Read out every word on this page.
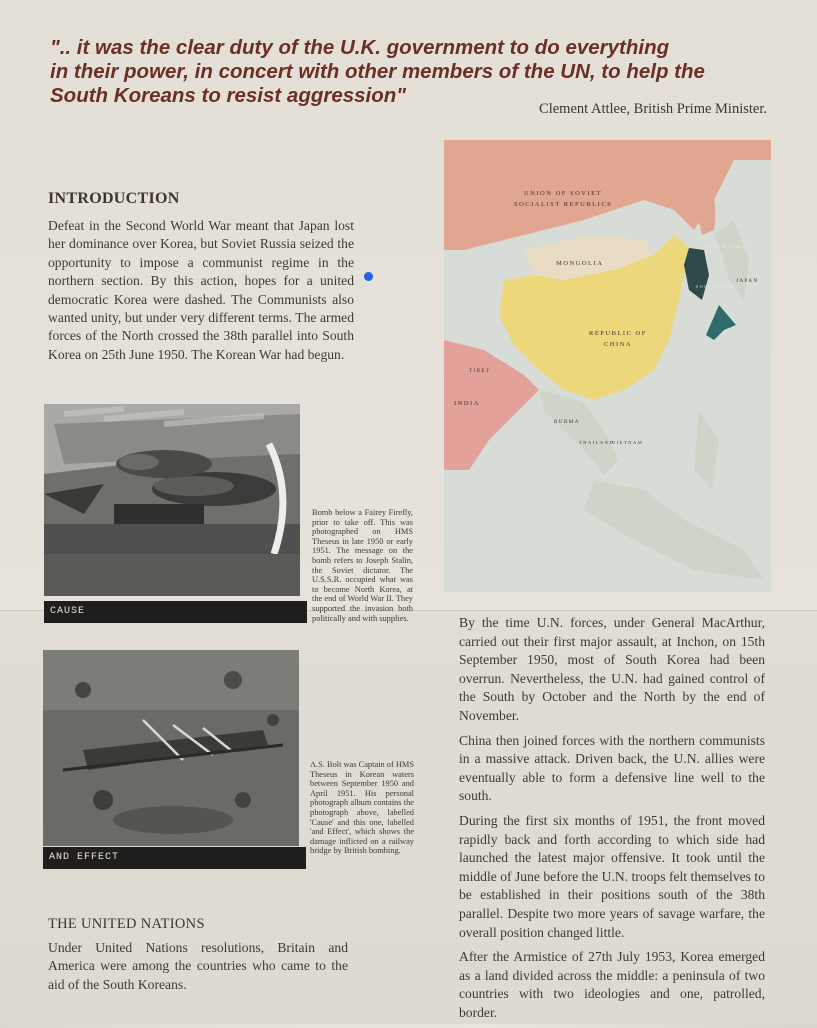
".. it was the clear duty of the U.K. government to do everything
in their power, in concert with other members of the UN, to help the
South Koreans to resist aggression"
Clement Attlee, British Prime Minister.
INTRODUCTION
Defeat in the Second World War meant that Japan lost her dominance over Korea, but Soviet Russia seized the opportunity to impose a communist regime in the northern section. By this action, hopes for a united democratic Korea were dashed. The Communists also wanted unity, but under very different terms. The armed forces of the North crossed the 38th parallel into South Korea on 25th June 1950. The Korean War had begun.
CAUSE
Bomb below a Fairey Firefly, prior to take off. This was photographed on HMS Theseus in late 1950 or early 1951. The message on the bomb refers to Joseph Stalin, the Soviet dictator. The U.S.S.R. occupied what was to become North Korea, at the end of World War II. They supported the invasion both politically and with supplies.
AND EFFECT
A.S. Bolt was Captain of HMS Theseus in Korean waters between September 1950 and April 1951. His personal photograph album contains the photograph above, labelled 'Cause' and this one, labelled 'and Effect', which shows the damage inflicted on a railway bridge by British bombing.
UNION OF SOVIET
SOCIALIST REPUBLICS
MONGOLIA
REPUBLIC OF
CHINA
INDIA
BURMA
THAILAND
VIETNAM
TIBET
NORTH KOREA
SOUTH KOREA
JAPAN

By the time U.N. forces, under General MacArthur, carried out their first major assault, at Inchon, on 15th September 1950, most of South Korea had been overrun. Nevertheless, the U.N. had gained control of the South by October and the North by the end of November.

China then joined forces with the northern communists in a massive attack. Driven back, the U.N. allies were eventually able to form a defensive line well to the south.

During the first six months of 1951, the front moved rapidly back and forth according to which side had launched the latest major offensive. It took until the middle of June before the U.N. troops felt themselves to be established in their positions south of the 38th parallel. Despite two more years of savage warfare, the overall position changed little.

After the Armistice of 27th July 1953, Korea emerged as a land divided across the middle: a peninsula of two countries with two ideologies and one, patrolled, border.

THE UNITED NATIONS
Under United Nations resolutions, Britain and America were among the countries who came to the aid of the South Koreans.
